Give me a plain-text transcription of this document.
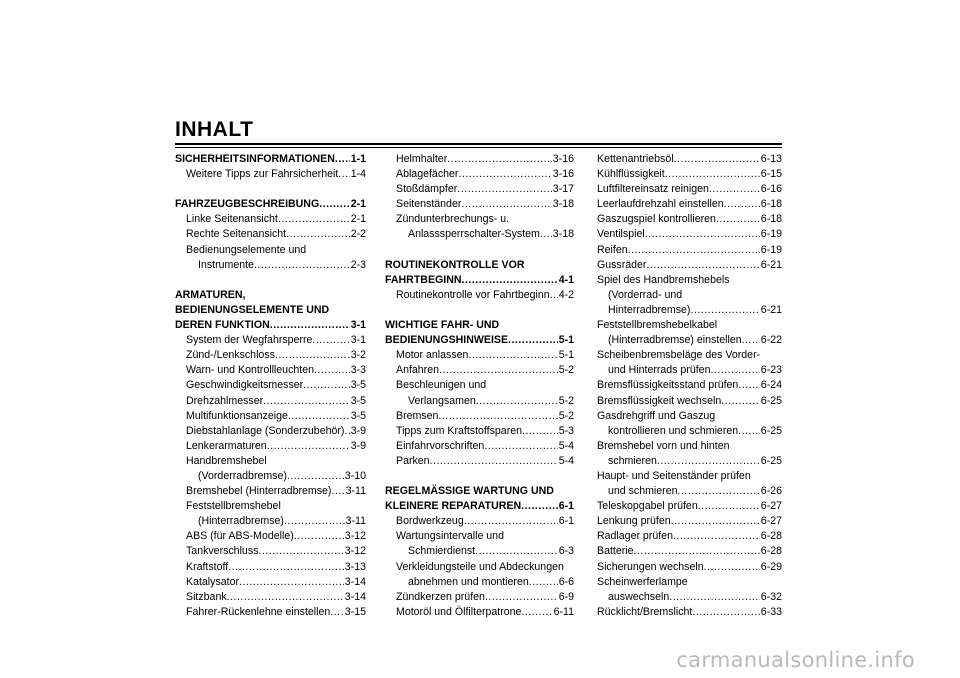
INHALT
SICHERHEITSINFORMATIONEN ..... 1-1
Weitere Tipps zur Fahrsicherheit ..... 1-4
FAHRZEUGBESCHREIBUNG .....	2-1
Linke Seitenansicht .....	2-1
Rechte Seitenansicht .....	2-2
Bedienungselemente und
Instrumente .....	2-3
ARMATUREN,
BEDIENUNGSELEMENTE UND
DEREN FUNKTION .....	3-1
System der Wegfahrsperre .....	3-1
Zünd-/Lenkschloss .....	3-2
Warn- und Kontrollleuchten .....	3-3
Geschwindigkeitsmesser .....	3-5
Drehzahlmesser .....	3-5
Multifunktionsanzeige .....	3-5
Diebstahlanlage (Sonderzubehör) ..... 3-9
Lenkerarmaturen .....	3-9
Handbremshebel
(Vorderradbremse) .....	3-10
Bremshebel (Hinterradbremse) ..... 3-11
Feststellbremshebel
(Hinterradbremse) .....	3-11
ABS (für ABS-Modelle) .....	3-12
Tankverschluss .....	3-12
Kraftstoff .....	3-13
Katalysator .....	3-14
Sitzbank .....	3-14
Fahrer-Rückenlehne einstellen ..... 3-15
Helmhalter .....	3-16
Ablagefächer .....	3-16
Stoßdämpfer .....	3-17
Seitenständer .....	3-18
Zündunterbrechungs- u.
Anlasssperrschalter-System ..... 3-18
ROUTINEKONTROLLE VOR
FAHRTBEGINN .....	4-1
Routinekontrolle vor Fahrtbeginn ..... 4-2
WICHTIGE FAHR- UND
BEDIENUNGSHINWEISE .....	5-1
Motor anlassen .....	5-1
Anfahren .....	5-2
Beschleunigen und
Verlangsamen .....	5-2
Bremsen .....	5-2
Tipps zum Kraftstoffsparen .....	5-3
Einfahrvorschriften .....	5-4
Parken .....	5-4
REGELMÄSSIGE WARTUNG UND
KLEINERE REPARATUREN .....	6-1
Bordwerkzeug .....	6-1
Wartungsintervalle und
Schmierdienst .....	6-3
Verkleidungsteile und Abdeckungen
abnehmen und montieren .....	6-6
Zündkerzen prüfen .....	6-9
Motoröl und Ölfilterpatrone .....	6-11
Kettenantriebsöl .....	6-13
Kühlflüssigkeit .....	6-15
Luftfiltereinsatz reinigen .....	6-16
Leerlaufdrehzahl einstellen .....	6-18
Gaszugspiel kontrollieren .....	6-18
Ventilspiel .....	6-19
Reifen .....	6-19
Gussräder .....	6-21
Spiel des Handbremshebels
(Vorderrad- und
Hinterradbremse) .....	6-21
Feststellbremshebelkabel
(Hinterradbremse) einstellen ..... 6-22
Scheibenbremsbeläge des Vorder-
und Hinterrads prüfen .....	6-23
Bremsflüssigkeitsstand prüfen ..... 6-24
Bremsflüssigkeit wechseln .....	6-25
Gasdrehgriff und Gaszug
kontrollieren und schmieren ..... 6-25
Bremshebel vorn und hinten
schmieren .....	6-25
Haupt- und Seitenständer prüfen
und schmieren .....	6-26
Teleskopgabel prüfen .....	6-27
Lenkung prüfen .....	6-27
Radlager prüfen .....	6-28
Batterie .....	6-28
Sicherungen wechseln .....	6-29
Scheinwerferlampe
auswechseln .....	6-32
Rücklicht/Bremslicht .....	6-33
carmanualsonline.info
